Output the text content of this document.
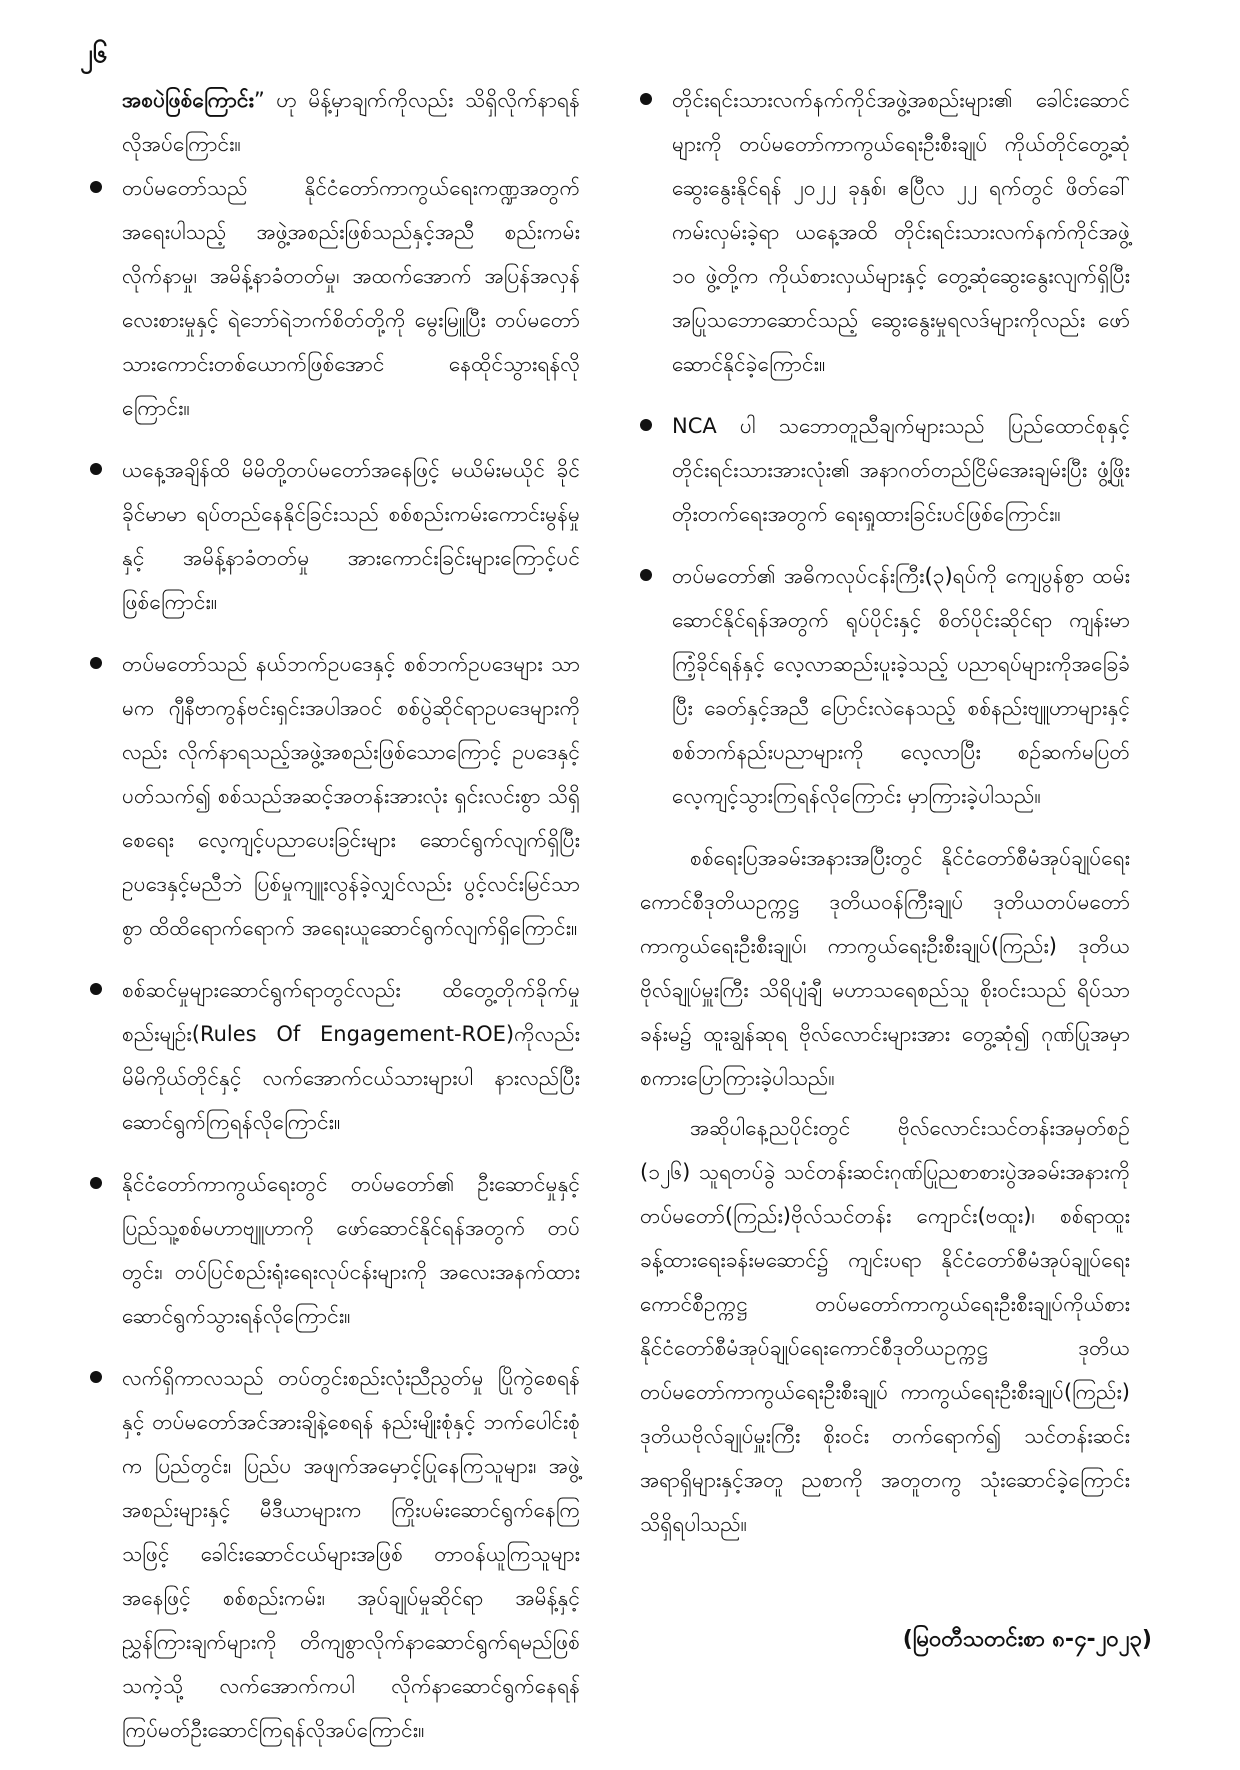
၂၆

အစပဲဖြစ်ကြောင်း” ဟု မိန့်မှာချက်ကိုလည်း သိရှိလိုက်နာရန် လိုအပ်ကြောင်း။

တပ်မတော်သည် နိုင်ငံတော်ကာကွယ်ရေးကဏ္ဍအတွက် အရေးပါသည့် အဖွဲ့အစည်းဖြစ်သည်နှင့်အညီ စည်းကမ်းလိုက်နာမှု၊ အမိန့်နာခံတတ်မှု၊ အထက်အောက် အပြန်အလှန်လေးစားမှုနှင့် ရဲဘော်ရဲဘက်စိတ်တို့ကို မွေးမြူပြီး တပ်မတော်သားကောင်းတစ်ယောက်ဖြစ်အောင် နေထိုင်သွားရန်လိုကြောင်း။
ယနေ့အချိန်ထိ မိမိတို့တပ်မတော်အနေဖြင့် မယိမ်းမယိုင် ခိုင်ခိုင်မာမာ ရပ်တည်နေနိုင်ခြင်းသည် စစ်စည်းကမ်းကောင်းမွန်မှုနှင့် အမိန့်နာခံတတ်မှု အားကောင်းခြင်းများကြောင့်ပင်ဖြစ်ကြောင်း။
တပ်မတော်သည် နယ်ဘက်ဥပဒေနှင့် စစ်ဘက်ဥပဒေများ သာမက ဂျီနီဗာကွန်ဗင်းရှင်းအပါအဝင် စစ်ပွဲဆိုင်ရာဥပဒေများကိုလည်း လိုက်နာရသည့်အဖွဲ့အစည်းဖြစ်သောကြောင့် ဥပဒေနှင့်ပတ်သက်၍ စစ်သည်အဆင့်အတန်းအားလုံး ရှင်းလင်းစွာ သိရှိစေရေး လေ့ကျင့်ပညာပေးခြင်းများ ဆောင်ရွက်လျက်ရှိပြီး ဥပဒေနှင့်မညီဘဲ ပြစ်မှုကျူးလွန်ခဲ့လျှင်လည်း ပွင့်လင်းမြင်သာစွာ ထိထိရောက်ရောက် အရေးယူဆောင်ရွက်လျက်ရှိကြောင်း။
စစ်ဆင်မှုများဆောင်ရွက်ရာတွင်လည်း ထိတွေ့တိုက်ခိုက်မှုစည်းမျဉ်း(Rules Of Engagement-ROE)ကိုလည်း မိမိကိုယ်တိုင်နှင့် လက်အောက်ငယ်သားများပါ နားလည်ပြီး ဆောင်ရွက်ကြရန်လိုကြောင်း။
နိုင်ငံတော်ကာကွယ်ရေးတွင် တပ်မတော်၏ ဦးဆောင်မှုနှင့် ပြည်သူ့စစ်မဟာဗျူဟာကို ဖော်ဆောင်နိုင်ရန်အတွက် တပ်တွင်း၊ တပ်ပြင်စည်းရုံးရေးလုပ်ငန်းများကို အလေးအနက်ထား ဆောင်ရွက်သွားရန်လိုကြောင်း။
လက်ရှိကာလသည် တပ်တွင်းစည်းလုံးညီညွတ်မှု ပြိုကွဲစေရန်နှင့် တပ်မတော်အင်အားချိနဲ့စေရန် နည်းမျိုးစုံနှင့် ဘက်ပေါင်းစုံက ပြည်တွင်း၊ ပြည်ပ အဖျက်အမှောင့်ပြုနေကြသူများ၊ အဖွဲ့အစည်းများနှင့် မီဒီယာများက ကြိုးပမ်းဆောင်ရွက်နေကြသဖြင့် ခေါင်းဆောင်ငယ်များအဖြစ် တာဝန်ယူကြသူများအနေဖြင့် စစ်စည်းကမ်း၊ အုပ်ချုပ်မှုဆိုင်ရာ အမိန့်နှင့်ညွှန်ကြားချက်များကို တိကျစွာလိုက်နာဆောင်ရွက်ရမည်ဖြစ်သကဲ့သို့ လက်အောက်ကပါ လိုက်နာဆောင်ရွက်နေရန် ကြပ်မတ်ဦးဆောင်ကြရန်လိုအပ်ကြောင်း။
တိုင်းရင်းသားလက်နက်ကိုင်အဖွဲ့အစည်းများ၏ ခေါင်းဆောင်များကို တပ်မတော်ကာကွယ်ရေးဦးစီးချုပ် ကိုယ်တိုင်တွေ့ဆုံဆွေးနွေးနိုင်ရန် ၂၀၂၂ ခုနှစ်၊ ဧပြီလ ၂၂ ရက်တွင် ဖိတ်ခေါ်ကမ်းလှမ်းခဲ့ရာ ယနေ့အထိ တိုင်းရင်းသားလက်နက်ကိုင်အဖွဲ့ ၁၀ ဖွဲ့တို့က ကိုယ်စားလှယ်များနှင့် တွေ့ဆုံဆွေးနွေးလျက်ရှိပြီး အပြုသဘောဆောင်သည့် ဆွေးနွေးမှုရလဒ်များကိုလည်း ဖော်ဆောင်နိုင်ခဲ့ကြောင်း။
NCA ပါ သဘောတူညီချက်များသည် ပြည်ထောင်စုနှင့် တိုင်းရင်းသားအားလုံး၏ အနာဂတ်တည်ငြိမ်အေးချမ်းပြီး ဖွံ့ဖြိုးတိုးတက်ရေးအတွက် ရေးရှုထားခြင်းပင်ဖြစ်ကြောင်း။
တပ်မတော်၏ အဓိကလုပ်ငန်းကြီး(၃)ရပ်ကို ကျေပွန်စွာ ထမ်းဆောင်နိုင်ရန်အတွက် ရုပ်ပိုင်းနှင့် စိတ်ပိုင်းဆိုင်ရာ ကျန်းမာကြံ့ခိုင်ရန်နှင့် လေ့လာဆည်းပူးခဲ့သည့် ပညာရပ်များကိုအခြေခံပြီး ခေတ်နှင့်အညီ ပြောင်းလဲနေသည့် စစ်နည်းဗျူဟာများနှင့် စစ်ဘက်နည်းပညာများကို လေ့လာပြီး စဉ်ဆက်မပြတ် လေ့ကျင့်သွားကြရန်လိုကြောင်း မှာကြားခဲ့ပါသည်။

စစ်ရေးပြအခမ်းအနားအပြီးတွင် နိုင်ငံတော်စီမံအုပ်ချုပ်ရေးကောင်စီဒုတိယဥက္ကဋ္ဌ ဒုတိယဝန်ကြီးချုပ် ဒုတိယတပ်မတော်ကာကွယ်ရေးဦးစီးချုပ်၊ ကာကွယ်ရေးဦးစီးချုပ်(ကြည်း) ဒုတိယဗိုလ်ချုပ်မှူးကြီး သိရိပျံချီ မဟာသရေစည်သူ စိုးဝင်းသည် ရိပ်သာခန်းမ၌ ထူးချွန်ဆုရ ဗိုလ်လောင်းများအား တွေ့ဆုံ၍ ဂုဏ်ပြုအမှာစကားပြောကြားခဲ့ပါသည်။

အဆိုပါနေ့ညပိုင်းတွင် ဗိုလ်လောင်းသင်တန်းအမှတ်စဉ် (၁၂၆) သူရတပ်ခွဲ သင်တန်းဆင်းဂုဏ်ပြုညစာစားပွဲအခမ်းအနားကို တပ်မတော်(ကြည်း)ဗိုလ်သင်တန်း ကျောင်း(ဗထူး)၊ စစ်ရာထူးခန့်ထားရေးခန်းမဆောင်၌ ကျင်းပရာ နိုင်ငံတော်စီမံအုပ်ချုပ်ရေးကောင်စီဥက္ကဋ္ဌ တပ်မတော်ကာကွယ်ရေးဦးစီးချုပ်ကိုယ်စား နိုင်ငံတော်စီမံအုပ်ချုပ်ရေးကောင်စီဒုတိယဥက္ကဋ္ဌ ဒုတိယတပ်မတော်ကာကွယ်ရေးဦးစီးချုပ် ကာကွယ်ရေးဦးစီးချုပ်(ကြည်း) ဒုတိယဗိုလ်ချုပ်မှူးကြီး စိုးဝင်း တက်ရောက်၍ သင်တန်းဆင်းအရာရှိများနှင့်အတူ ညစာကို အတူတကွ သုံးဆောင်ခဲ့ကြောင်း သိရှိရပါသည်။

(မြဝတီသတင်းစာ ၈-၄-၂၀၂၃)
